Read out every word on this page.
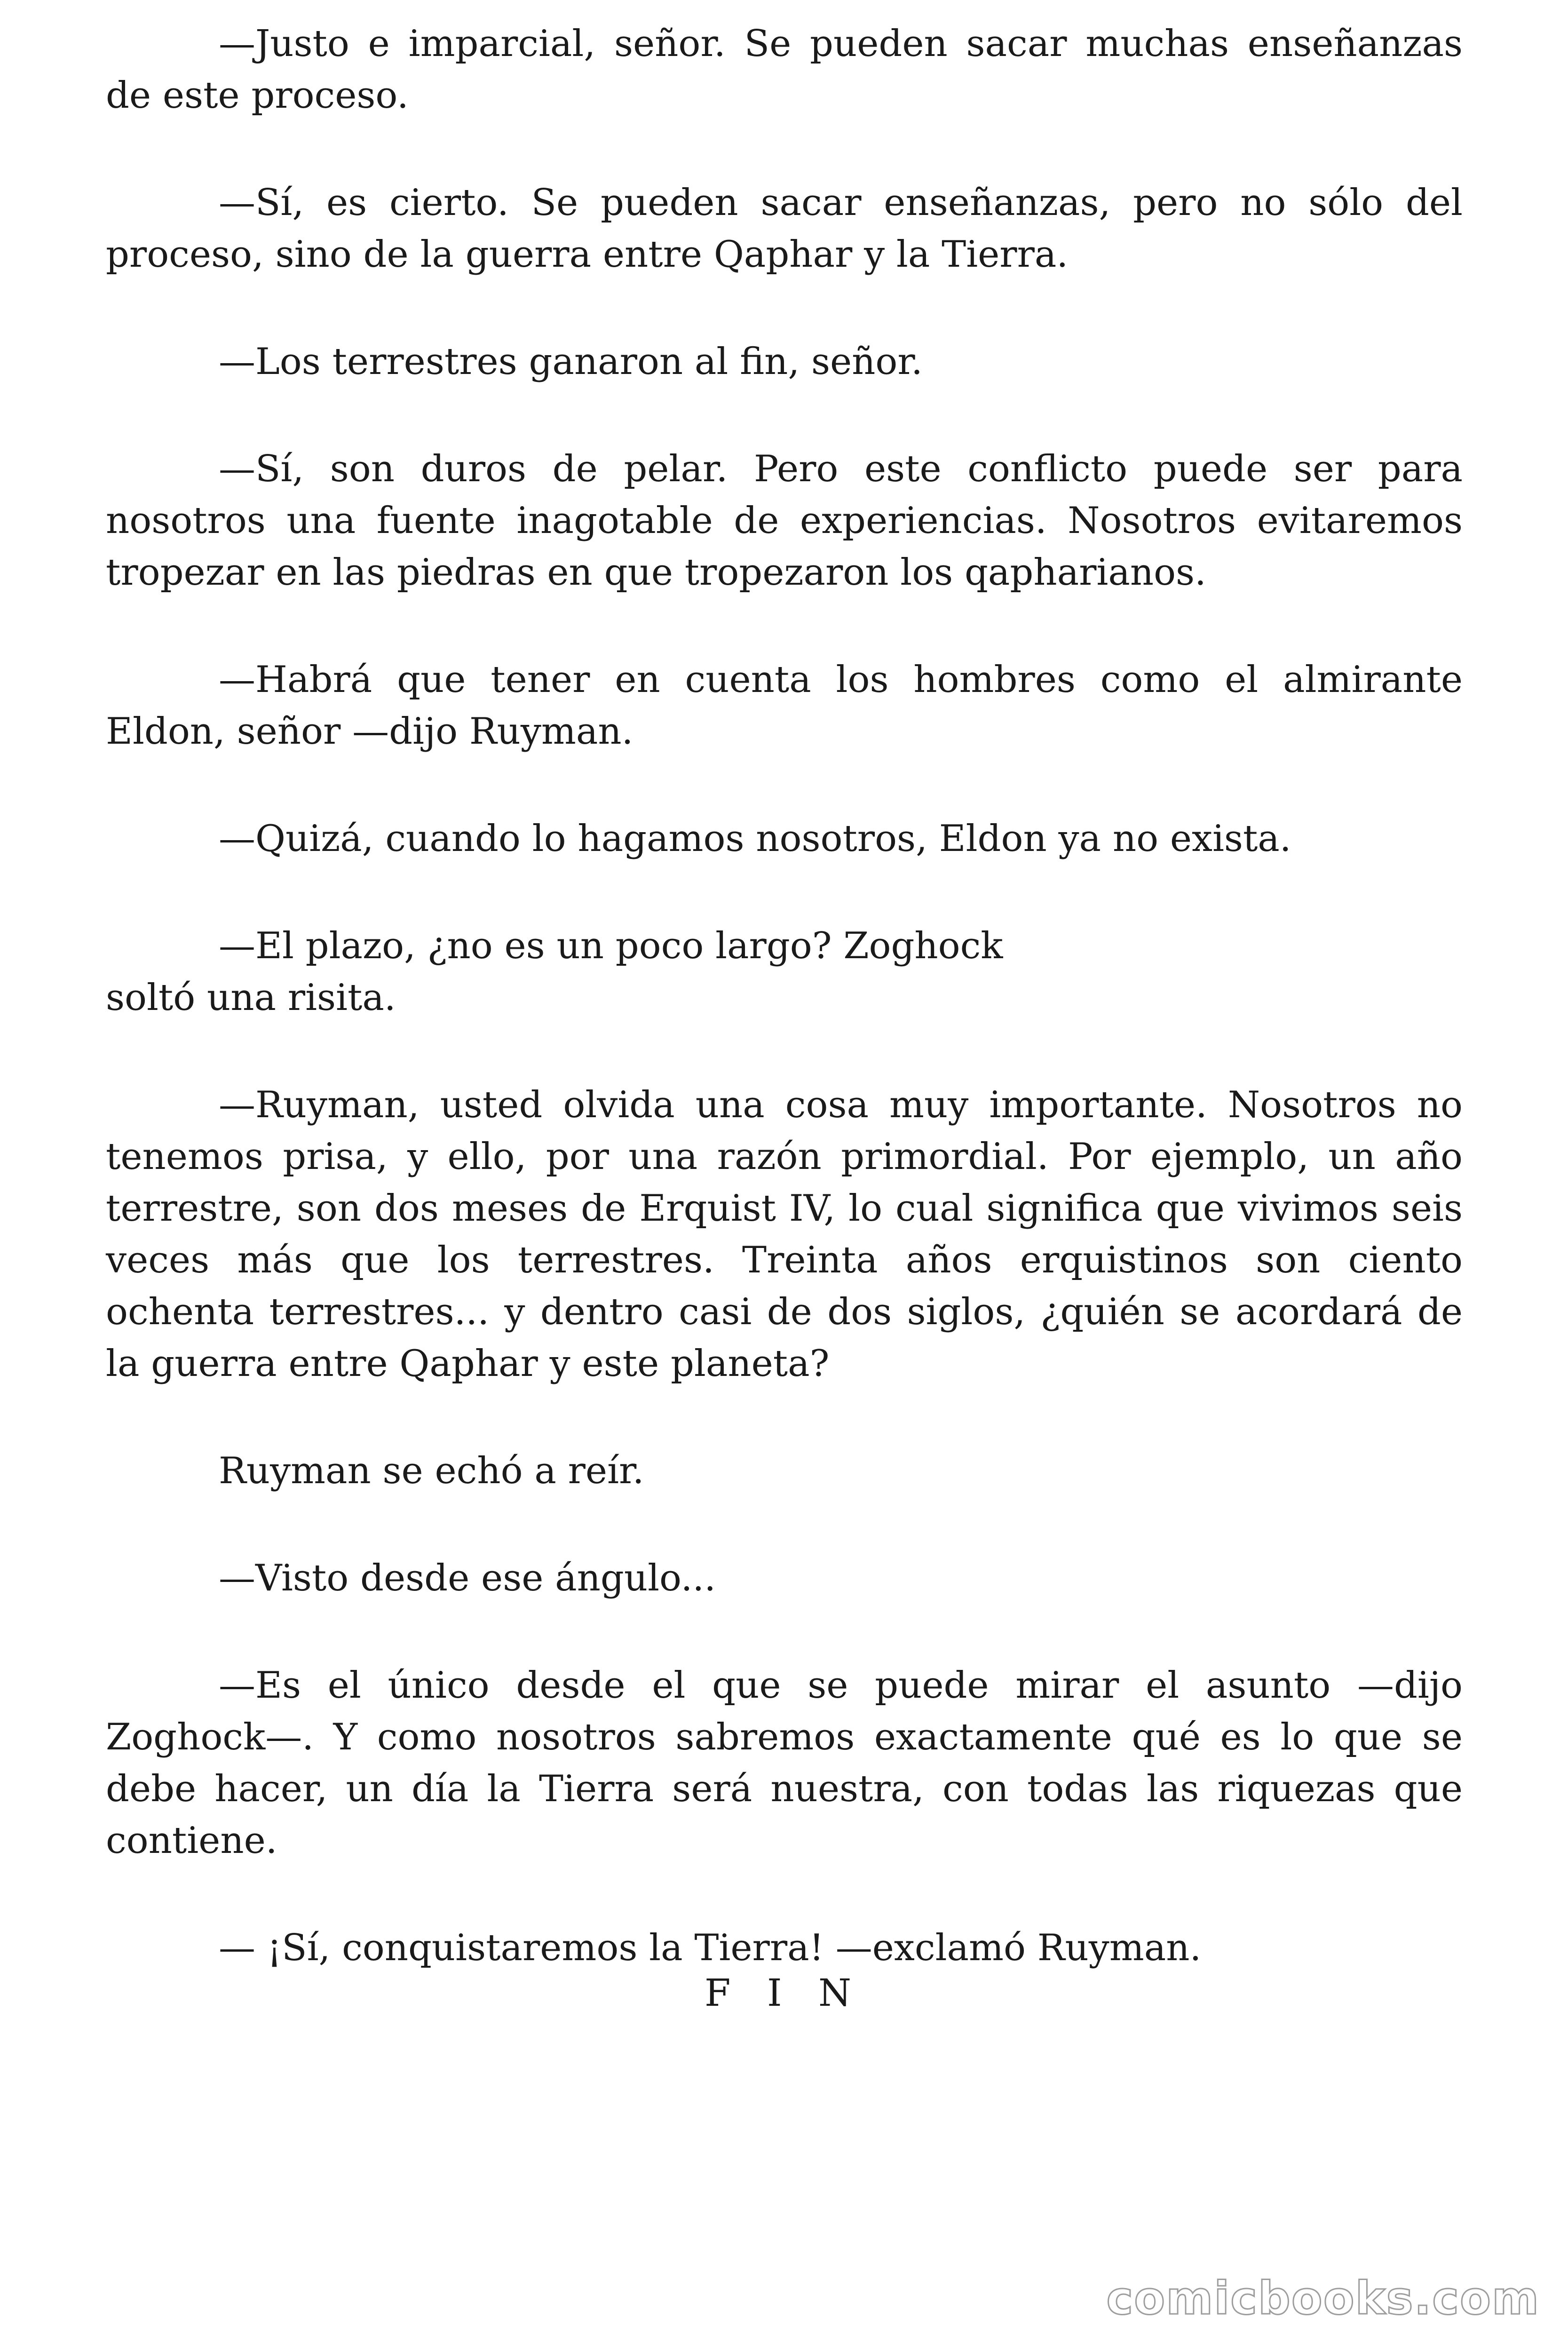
—Justo e imparcial, señor. Se pueden sacar muchas enseñanzas de este proceso.

—Sí, es cierto. Se pueden sacar enseñanzas, pero no sólo del proceso, sino de la guerra entre Qaphar y la Tierra.

—Los terrestres ganaron al fin, señor.

—Sí, son duros de pelar. Pero este conflicto puede ser para nosotros una fuente inagotable de experiencias. Nosotros evitaremos tropezar en las piedras en que tropezaron los qapharianos.

—Habrá que tener en cuenta los hombres como el almirante Eldon, señor —dijo Ruyman.

—Quizá, cuando lo hagamos nosotros, Eldon ya no exista.

—El plazo, ¿no es un poco largo? Zoghock
soltó una risita.

—Ruyman, usted olvida una cosa muy importante. Nosotros no tenemos prisa, y ello, por una razón primordial. Por ejemplo, un año terrestre, son dos meses de Erquist IV, lo cual significa que vivimos seis veces más que los terrestres. Treinta años erquistinos son ciento ochenta terrestres... y dentro casi de dos siglos, ¿quién se acordará de la guerra entre Qaphar y este planeta?

Ruyman se echó a reír.

—Visto desde ese ángulo...

—Es el único desde el que se puede mirar el asunto —dijo Zoghock—. Y como nosotros sabremos exactamente qué es lo que se debe hacer, un día la Tierra será nuestra, con todas las riquezas que contiene.

— ¡Sí, conquistaremos la Tierra! —exclamó Ruyman.

F I N
comicbooks.com
